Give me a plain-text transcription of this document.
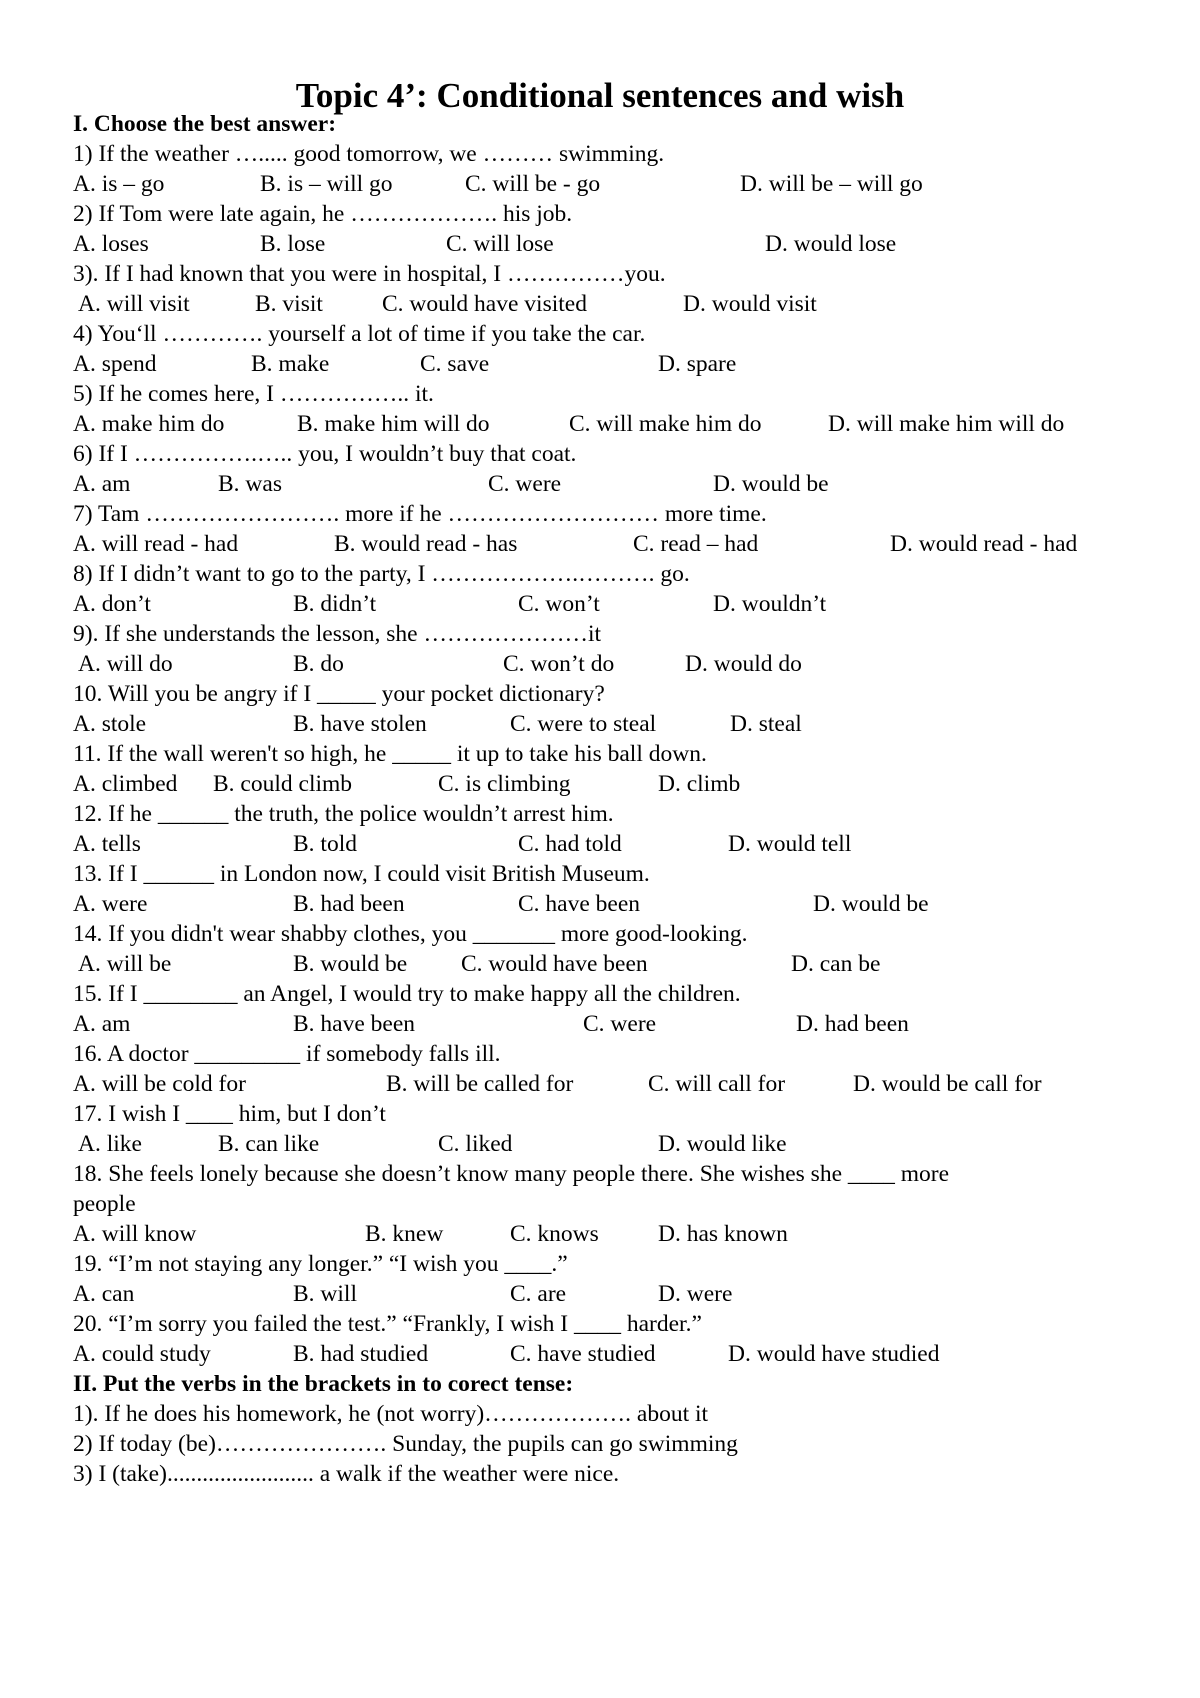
Topic 4’: Conditional sentences and wish
I. Choose the best answer:
1) If the weather …..... good tomorrow, we ……… swimming.
A. is – go	B. is – will go	C. will be - go	D. will be – will go
2) If Tom were late again, he ………………. his job.
A. loses	B. lose	C. will lose	D. would lose
3). If I had known that you were in hospital, I ……………you.
A. will visit	B. visit	C. would have visited	D. would visit
4) You‘ll …………. yourself a lot of time if you take the car.
A. spend	B. make	C. save	D. spare
5) If he comes here, I …………….. it.
A. make him do	B. make him will do	C. will make him do	D. will make him will do
6) If I …………….….. you, I wouldn’t buy that coat.
A. am	B. was	C. were	D. would be
7) Tam ……………………. more if he ……………………… more time.
A. will read - had	B. would read - has	C. read – had	D. would read - had
8) If I didn’t want to go to the party, I ……………….………. go.
A. don’t	B. didn’t	C. won’t	D. wouldn’t
9). If she understands the lesson, she …………………it
A. will do	B. do	C. won’t do	D. would do
10. Will you be angry if I _____ your pocket dictionary?
A. stole	B. have stolen	C. were to steal	D. steal
11. If the wall weren't so high, he _____ it up to take his ball down.
A. climbed B. could climb	C. is climbing	D. climb
12. If he ______ the truth, the police wouldn’t arrest him.
A. tells	B. told	C. had told	D. would tell
13. If I ______ in London now, I could visit British Museum.
A. were	B. had been	C. have been	D. would be
14. If you didn't wear shabby clothes, you _______ more good-looking.
A. will be	B. would be C. would have been	D. can be
15. If I ________ an Angel, I would try to make happy all the children.
A. am	B. have been	C. were	D. had been
16. A doctor _________ if somebody falls ill.
A. will be cold for	B. will be called for	C. will call for	D. would be call for
17. I wish I ____ him, but I don’t
A. like	B. can like	C. liked	D. would like
18. She feels lonely because she doesn’t know many people there. She wishes she ____ more
people
A. will know	B. knew	C. knows	D. has known
19. “I’m not staying any longer.” “I wish you ____.”
A. can	B. will	C. are	D. were
20. “I’m sorry you failed the test.” “Frankly, I wish I ____ harder.”
A. could study	B. had studied	C. have studied	D. would have studied
II. Put the verbs in the brackets in to corect tense:
1). If he does his homework, he (not worry)………………. about it
2) If today (be)…………………. Sunday, the pupils can go swimming
3) I (take)......................... a walk if the weather were nice.
